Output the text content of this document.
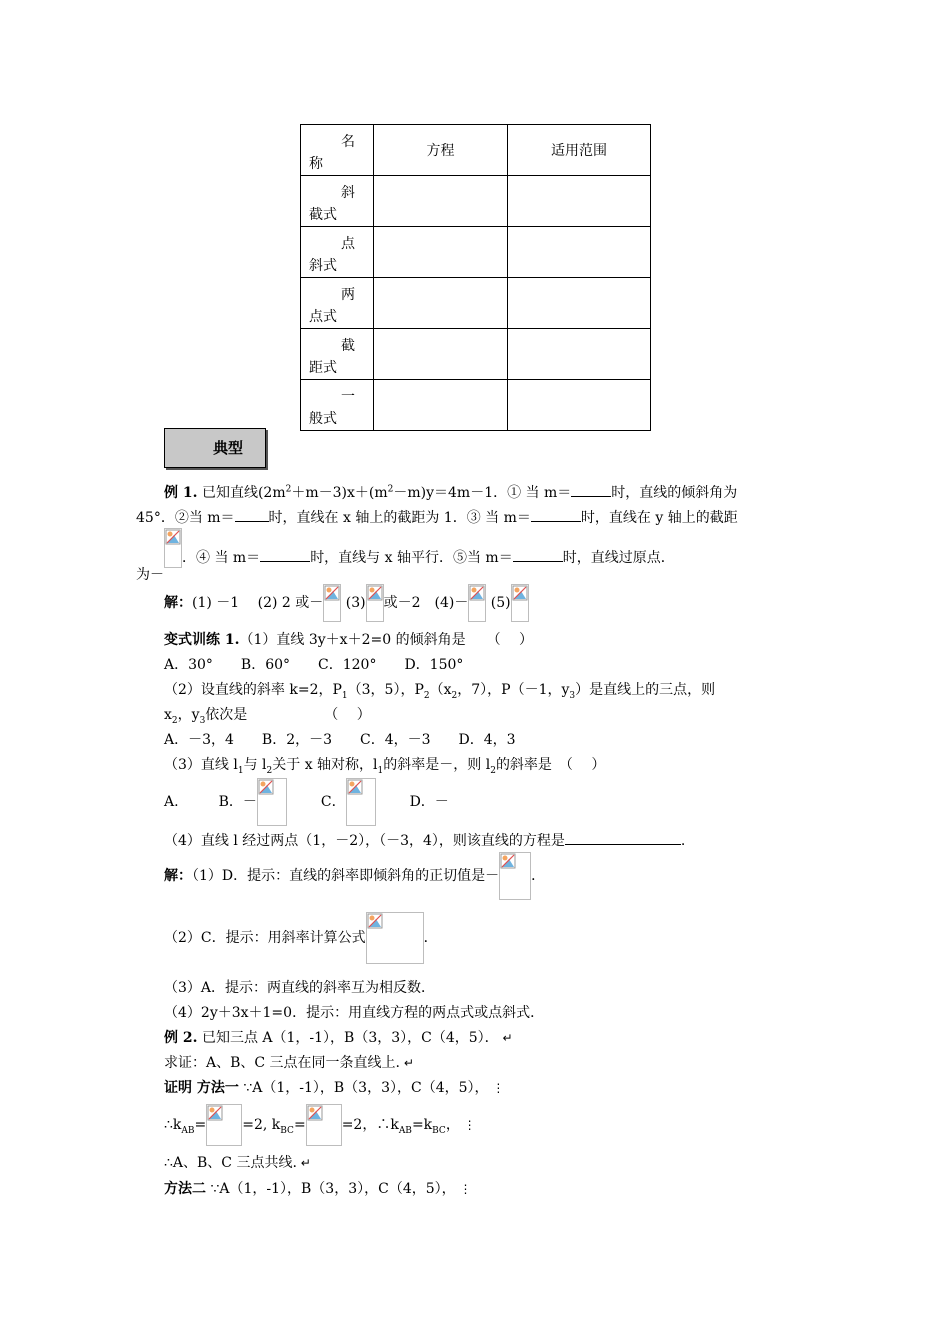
名
称	方程	适用范围

斜
截式		

点
斜式		

两
点式		

截
距式		

一
般式		

典型
例 1. 已知直线$(2m^2+m-3)x+(m^2-m)y=4m-1$．① 当 m＝	时，直线的倾斜角为
45°．②当 m＝ 时，直线在 x 轴上的截距为 1．③ 当 m＝	时，直线在 y 轴上的截距
为－
．④ 当 m＝	时，直线与 x 轴平行．⑤当 m＝	时，直线过原点．
解：(1) －1　 (2) 2 或－ (3) 或－2　(4)－ (5)
变式训练 1.（1）直线 3y＋x＋2=0 的倾斜角是　　（　 ）
A．30°　　B．60°　　C．120°　　D．150°
（2）设直线的斜率 k=2，$P_1(3$，5），$P_2(x_2$，7），P（－1，$y_3$）是直线上的三点，则
$x_2$，$y_3$依次是　　　　　　（　 ）
A．－3，4　　B．2，－3　　C．4，－3　　D．4，3
（3）直线 $l_1$与 $l_2$关于 x 轴对称，$l_1$的斜率是－，则 $l_2$的斜率是　（　 ）
A.	B．－	C．	D．－
（4）直线 l 经过两点（1，－2），（－3，4），则该直线的方程是	.
解：（1）D．提示：直线的斜率即倾斜角的正切值是－ ．
（2）C．提示：用斜率计算公式	．
（3）A．提示：两直线的斜率互为相反数．
（4）2y＋3x＋1=0．提示：用直线方程的两点式或点斜式．
例 2. 已知三点 A（1，-1），B（3，3），C（4，5）． ↵
求证：A、B、C 三点在同一条直线上. ↵
证明 方法一 ∵A（1，-1），B（3，3），C（4，5）， ⋮
$\therefore k_{AB}=$	=2, $k_{BC}=$	=2，$\therefore k_{AB}=k_{BC}$， ⋮
∴A、B、C 三点共线. ↵
方法二 ∵A（1，-1），B（3，3），C（4，5）， ⋮
